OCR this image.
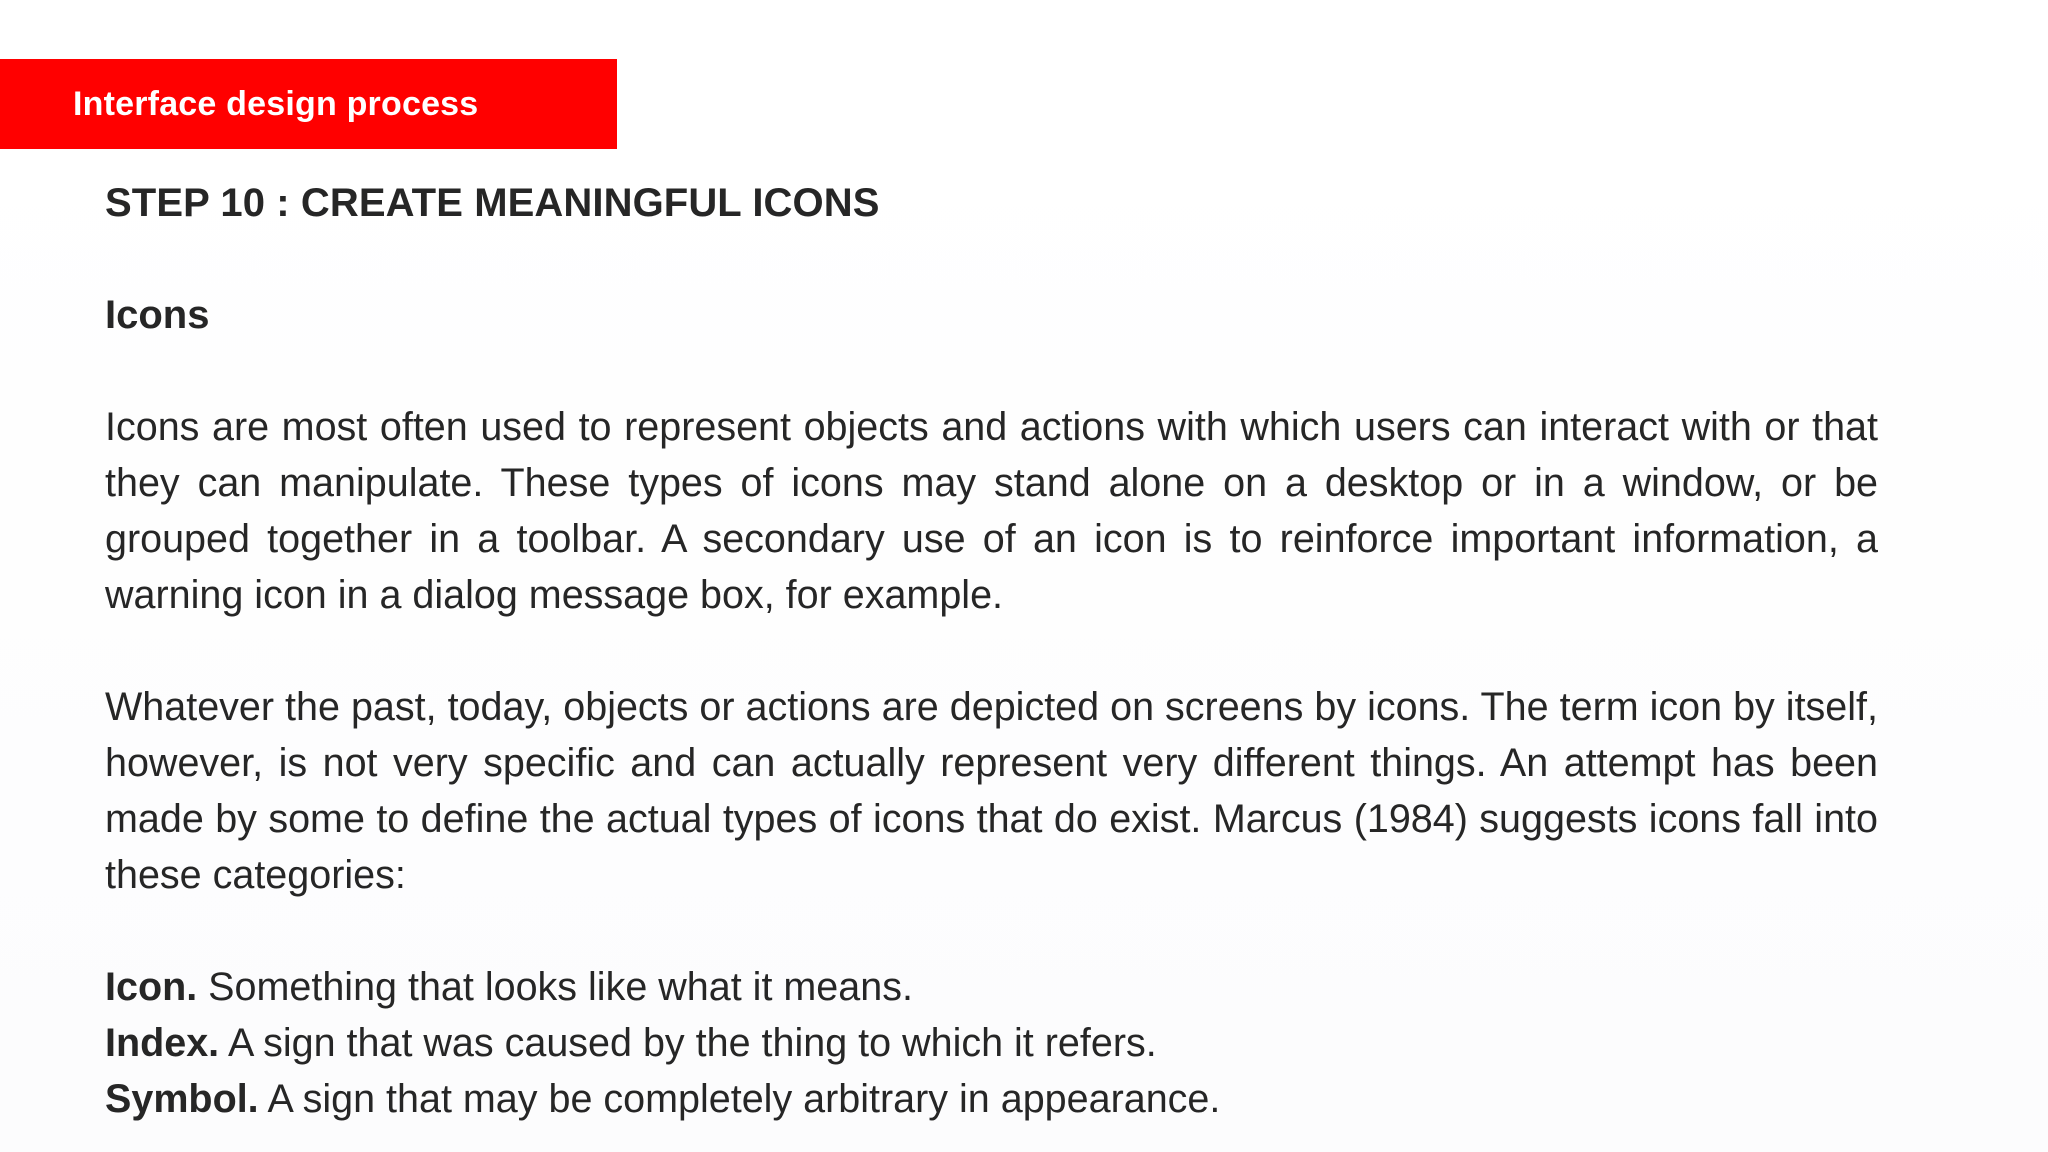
Interface design process
STEP 10 : CREATE MEANINGFUL ICONS
Icons

Icons are most often used to represent objects and actions with which users can interact with or that they can manipulate. These types of icons may stand alone on a desktop or in a window, or be grouped together in a toolbar. A secondary use of an icon is to reinforce important information, a warning icon in a dialog message box, for example.

Whatever the past, today, objects or actions are depicted on screens by icons. The term icon by itself, however, is not very specific and can actually represent very different things. An attempt has been made by some to define the actual types of icons that do exist. Marcus (1984) suggests icons fall into these categories:

Icon. Something that looks like what it means.
Index. A sign that was caused by the thing to which it refers.
Symbol. A sign that may be completely arbitrary in appearance.
